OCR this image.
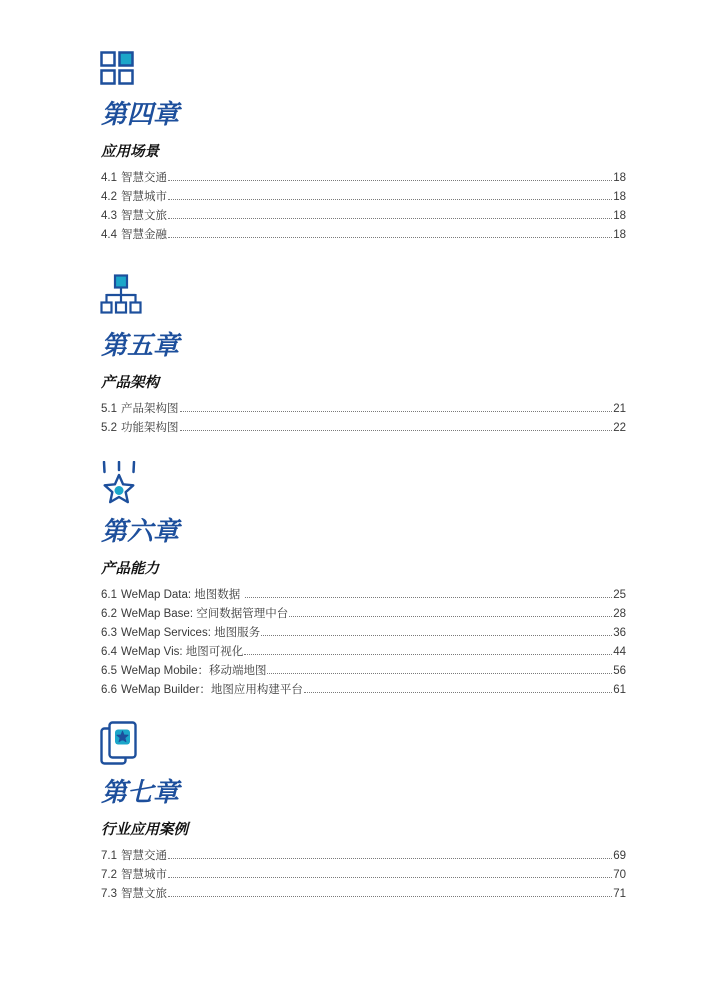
第四章
应用场景
4.1 智慧交通	18
4.2 智慧城市	18
4.3 智慧文旅	18
4.4 智慧金融	18
第五章
产品架构
5.1 产品架构图	21
5.2 功能架构图	22
第六章
产品能力
6.1 WeMap Data: 地图数据	25
6.2 WeMap Base: 空间数据管理中台	28
6.3 WeMap Services: 地图服务	36
6.4 WeMap Vis: 地图可视化	44
6.5 WeMap Mobile：移动端地图	56
6.6 WeMap Builder：地图应用构建平台	61
第七章
行业应用案例
7.1 智慧交通	69
7.2 智慧城市	70
7.3 智慧文旅	71
